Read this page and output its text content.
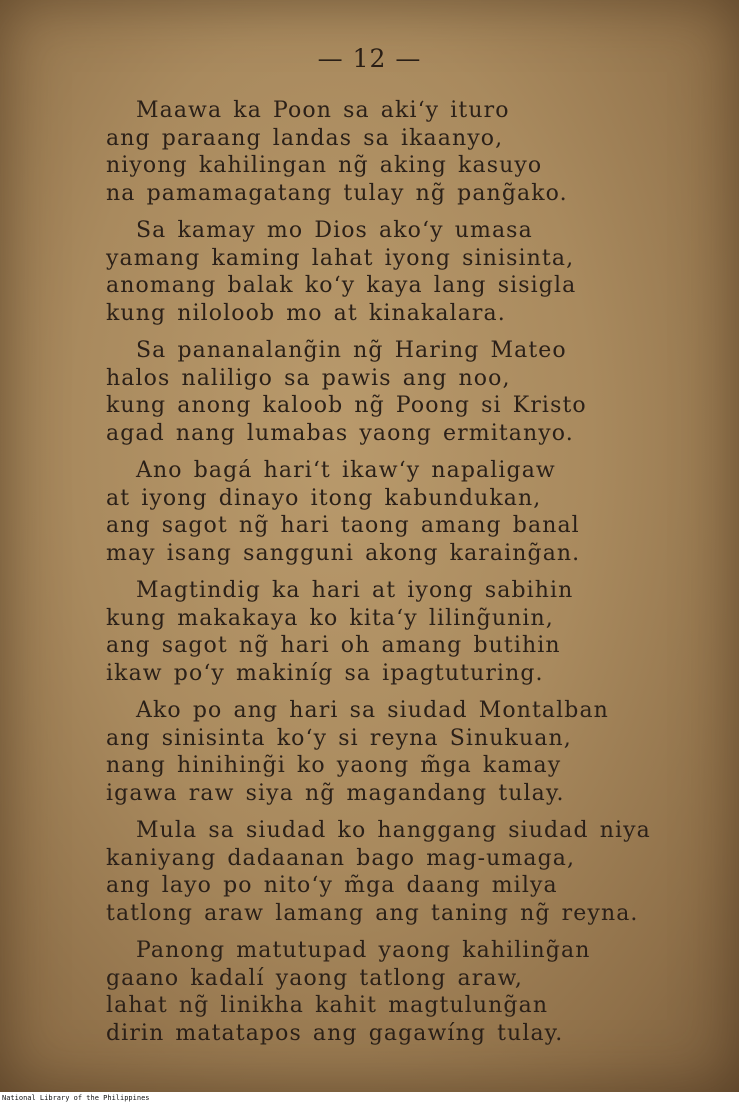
— 12 —
Maawa ka Poon sa aki‘y ituro
ang paraang landas sa ikaanyo,
niyong kahilingan ng̃ aking kasuyo
na pamamagatang tulay ng̃ pang̃ako.
Sa kamay mo Dios ako‘y umasa
yamang kaming lahat iyong sinisinta,
anomang balak ko‘y kaya lang sisigla
kung niloloob mo at kinakalara.
Sa pananalang̃in ng̃ Haring Mateo
halos naliligo sa pawis ang noo,
kung anong kaloob ng̃ Poong si Kristo
agad nang lumabas yaong ermitanyo.
Ano bagá hari‘t ikaw‘y napaligaw
at iyong dinayo itong kabundukan,
ang sagot ng̃ hari taong amang banal
may isang sangguni akong karaing̃an.
Magtindig ka hari at iyong sabihin
kung makakaya ko kita‘y liling̃unin,
ang sagot ng̃ hari oh amang butihin
ikaw po‘y makiníg sa ipagtuturing.
Ako po ang hari sa siudad Montalban
ang sinisinta ko‘y si reyna Sinukuan,
nang hinihing̃i ko yaong m̃ga kamay
igawa raw siya ng̃ magandang tulay.
Mula sa siudad ko hanggang siudad niya
kaniyang dadaanan bago mag-umaga,
ang layo po nito‘y m̃ga daang milya
tatlong araw lamang ang taning ng̃ reyna.
Panong matutupad yaong kahiling̃an
gaano kadalí yaong tatlong araw,
lahat ng̃ linikha kahit magtulung̃an
dirin matatapos ang gagawíng tulay.
National Library of the Philippines
